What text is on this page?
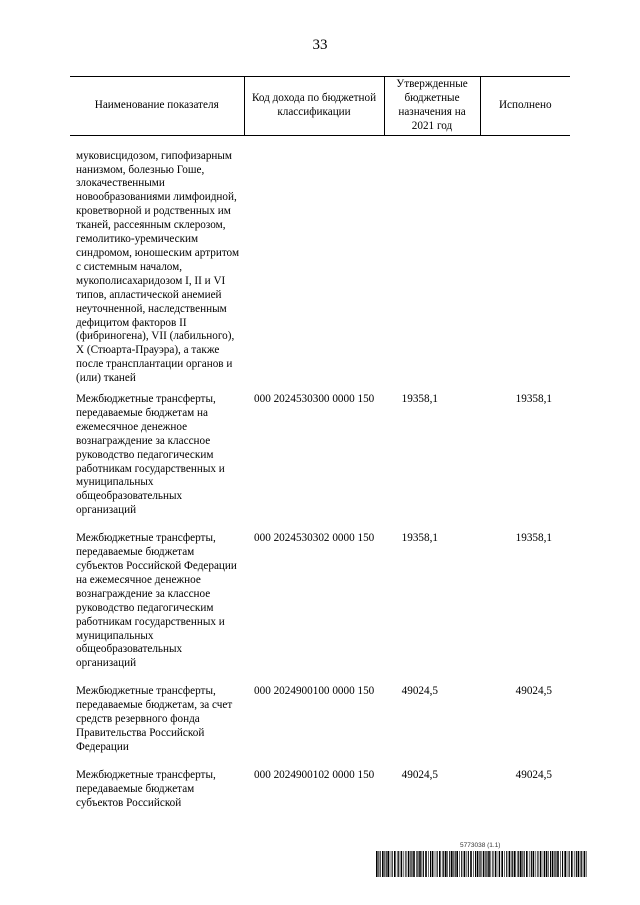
33
Наименование показателя	Код дохода по бюджетной классификации	Утвержденные бюджетные назначения на 2021 год	Исполнено
муковисцидозом, гипофизарным нанизмом, болезнью Гоше, злокачественными новообразованиями лимфоидной, кроветворной и родственных им тканей, рассеянным склерозом, гемолитико-уремическим синдромом, юношеским артритом с системным началом, мукополисахаридозом I, II и VI типов, апластической анемией неуточненной, наследственным дефицитом факторов II (фибриногена), VII (лабильного), X (Стюарта-Прауэра), а также после трансплантации органов и (или) тканей			
Межбюджетные трансферты, передаваемые бюджетам на ежемесячное денежное вознаграждение за классное руководство педагогическим работникам государственных и муниципальных общеобразовательных организаций	000 2024530300 0000 150	19358,1	19358,1
Межбюджетные трансферты, передаваемые бюджетам субъектов Российской Федерации на ежемесячное денежное вознаграждение за классное руководство педагогическим работникам государственных и муниципальных общеобразовательных организаций	000 2024530302 0000 150	19358,1	19358,1
Межбюджетные трансферты, передаваемые бюджетам, за счет средств резервного фонда Правительства Российской Федерации	000 2024900100 0000 150	49024,5	49024,5
Межбюджетные трансферты, передаваемые бюджетам субъектов Российской	000 2024900102 0000 150	49024,5	49024,5
5773038 (1.1)
